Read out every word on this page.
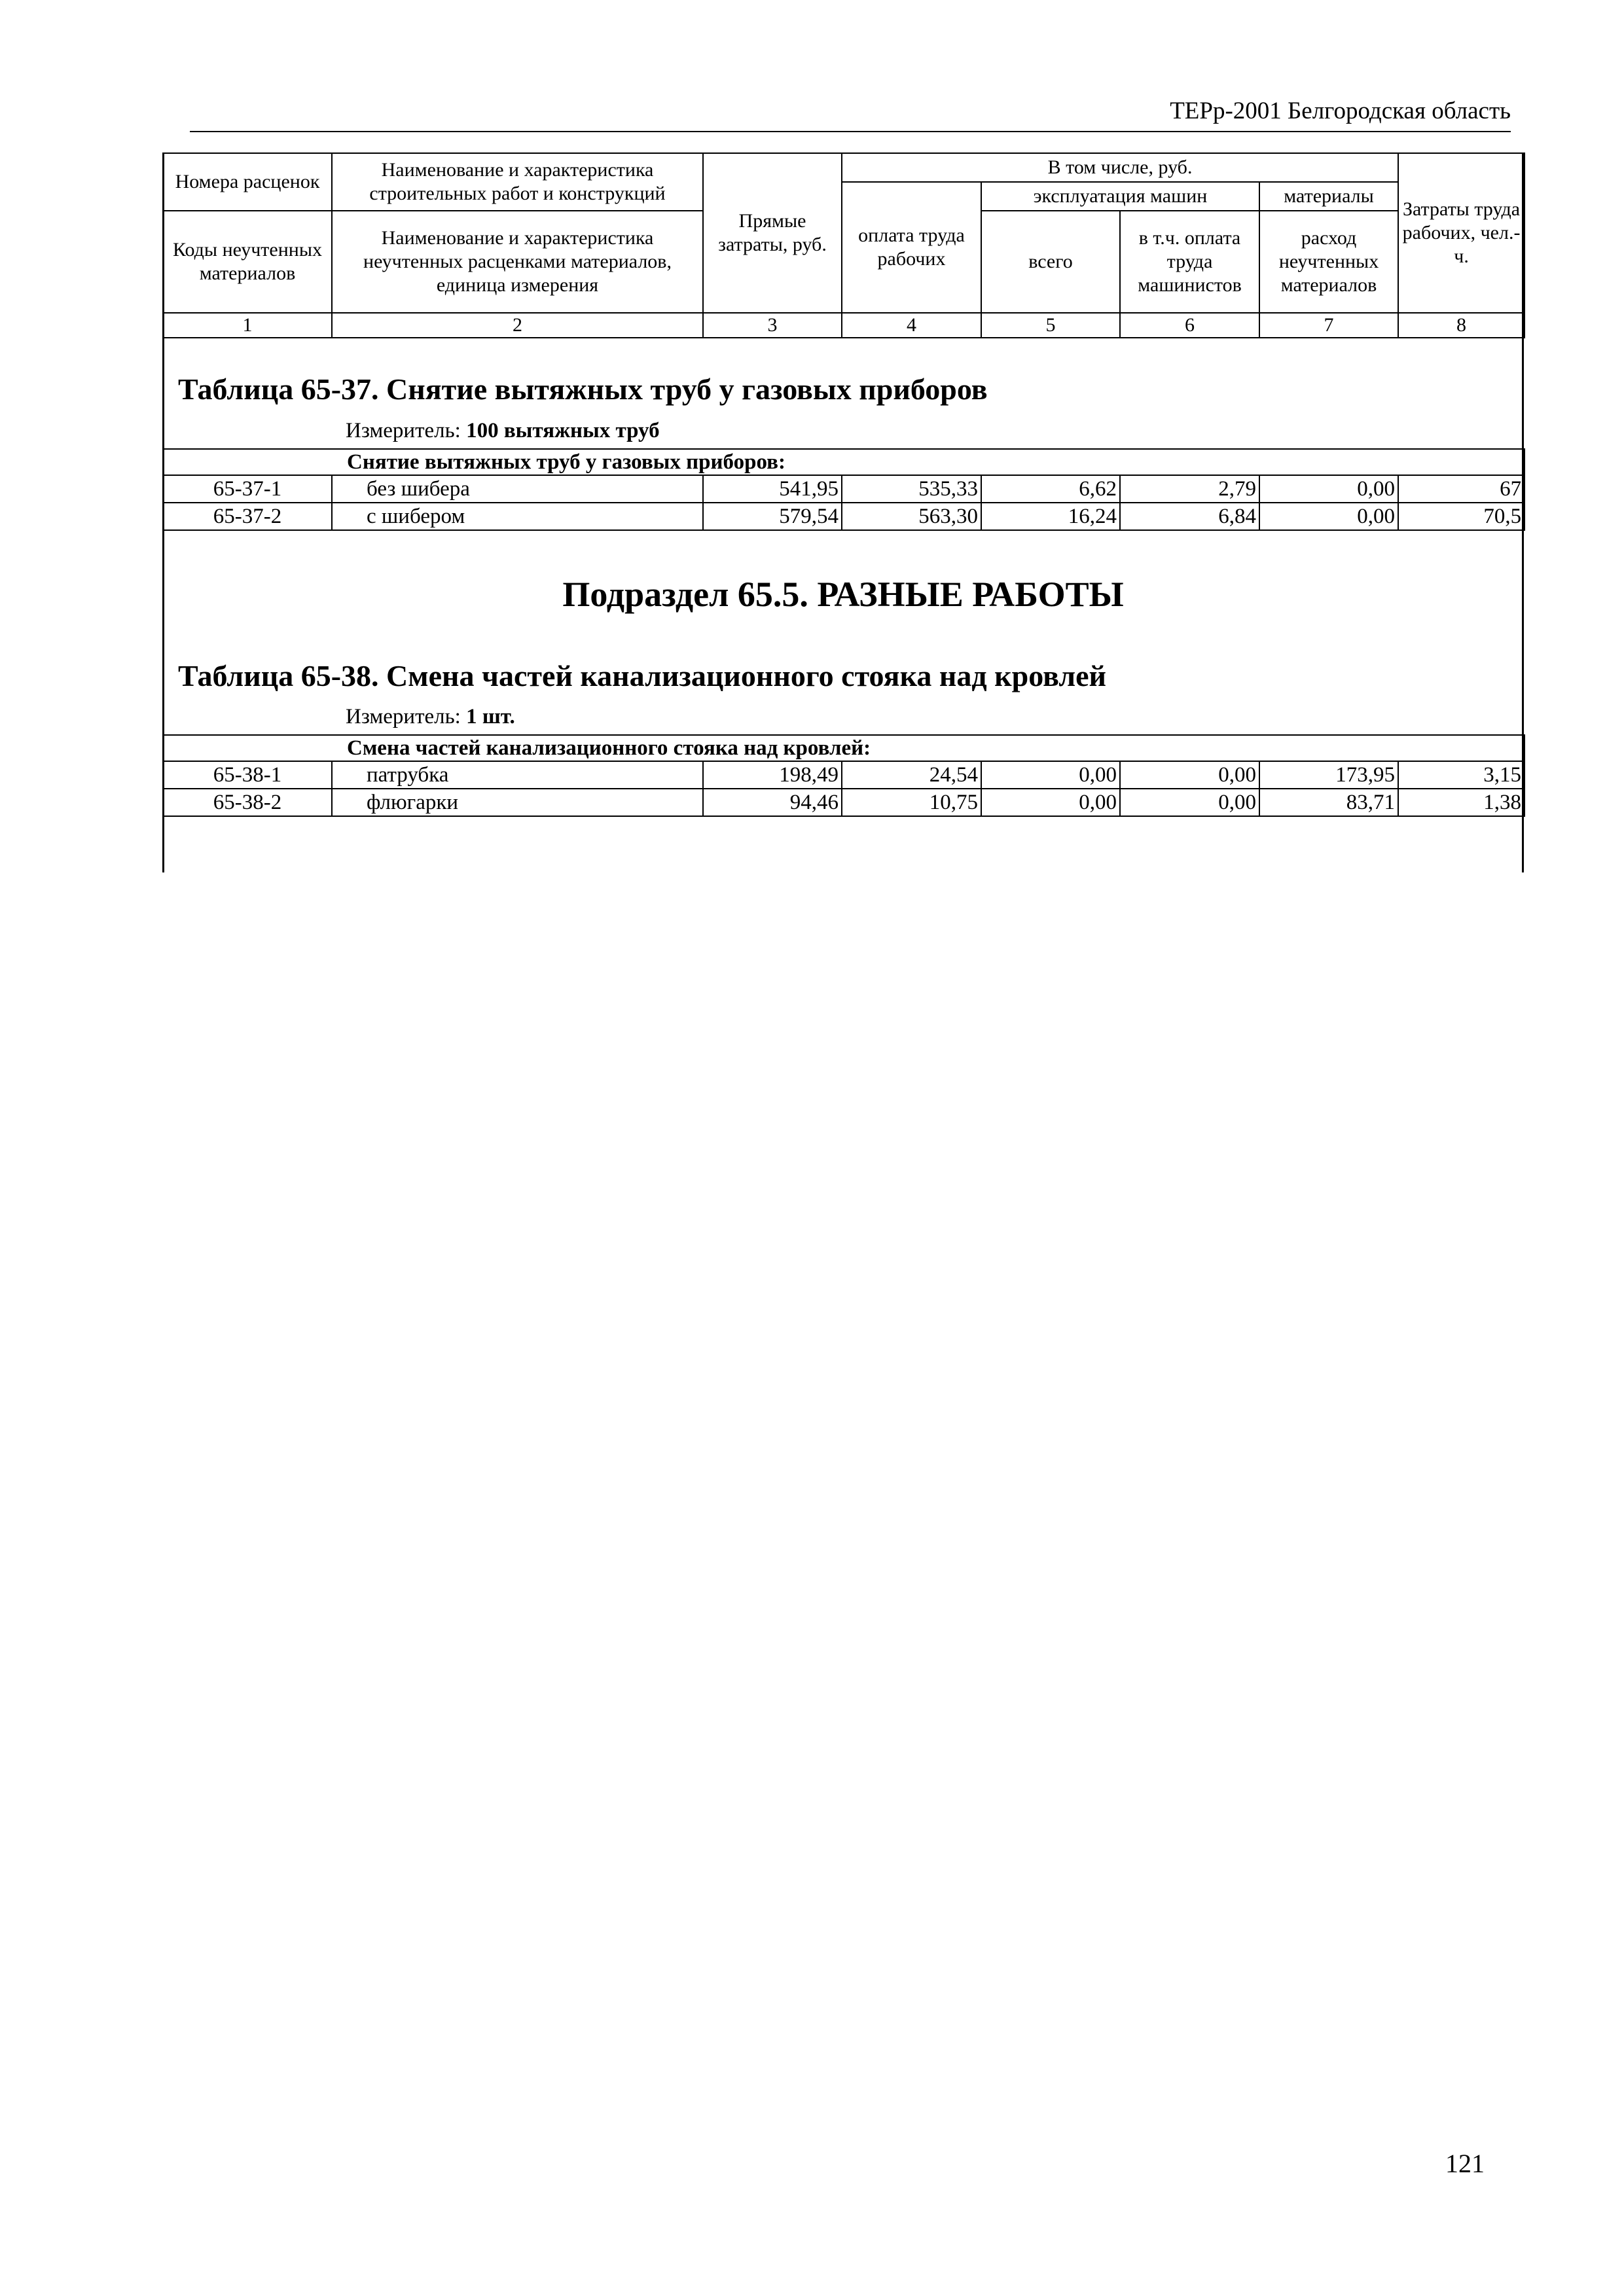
ТЕРр-2001 Белгородская область
Номера расценок	Наименование и характеристика строительных работ и конструкций	Прямые затраты, руб.	В том числе, руб.				Затраты труда рабочих, чел.-ч.
			оплата труда рабочих	эксплуатация машин		материалы	
Коды неучтенных материалов	Наименование и характеристика неучтенных расценками материалов, единица измерения			всего	в т.ч. оплата труда машинистов	расход неучтенных материалов	

1	2	3	4	5	6	7	8
Таблица 65-37. Снятие вытяжных труб у газовых приборов
Измеритель: 100 вытяжных труб
Снятие вытяжных труб у газовых приборов:							
65-37-1	без шибера	541,95	535,33	6,62	2,79	0,00	67
65-37-2	с шибером	579,54	563,30	16,24	6,84	0,00	70,5
Подраздел 65.5. РАЗНЫЕ РАБОТЫ
Таблица 65-38. Смена частей канализационного стояка над кровлей
Измеритель: 1 шт.
Смена частей канализационного стояка над кровлей:							
65-38-1	патрубка	198,49	24,54	0,00	0,00	173,95	3,15
65-38-2	флюгарки	94,46	10,75	0,00	0,00	83,71	1,38
121
